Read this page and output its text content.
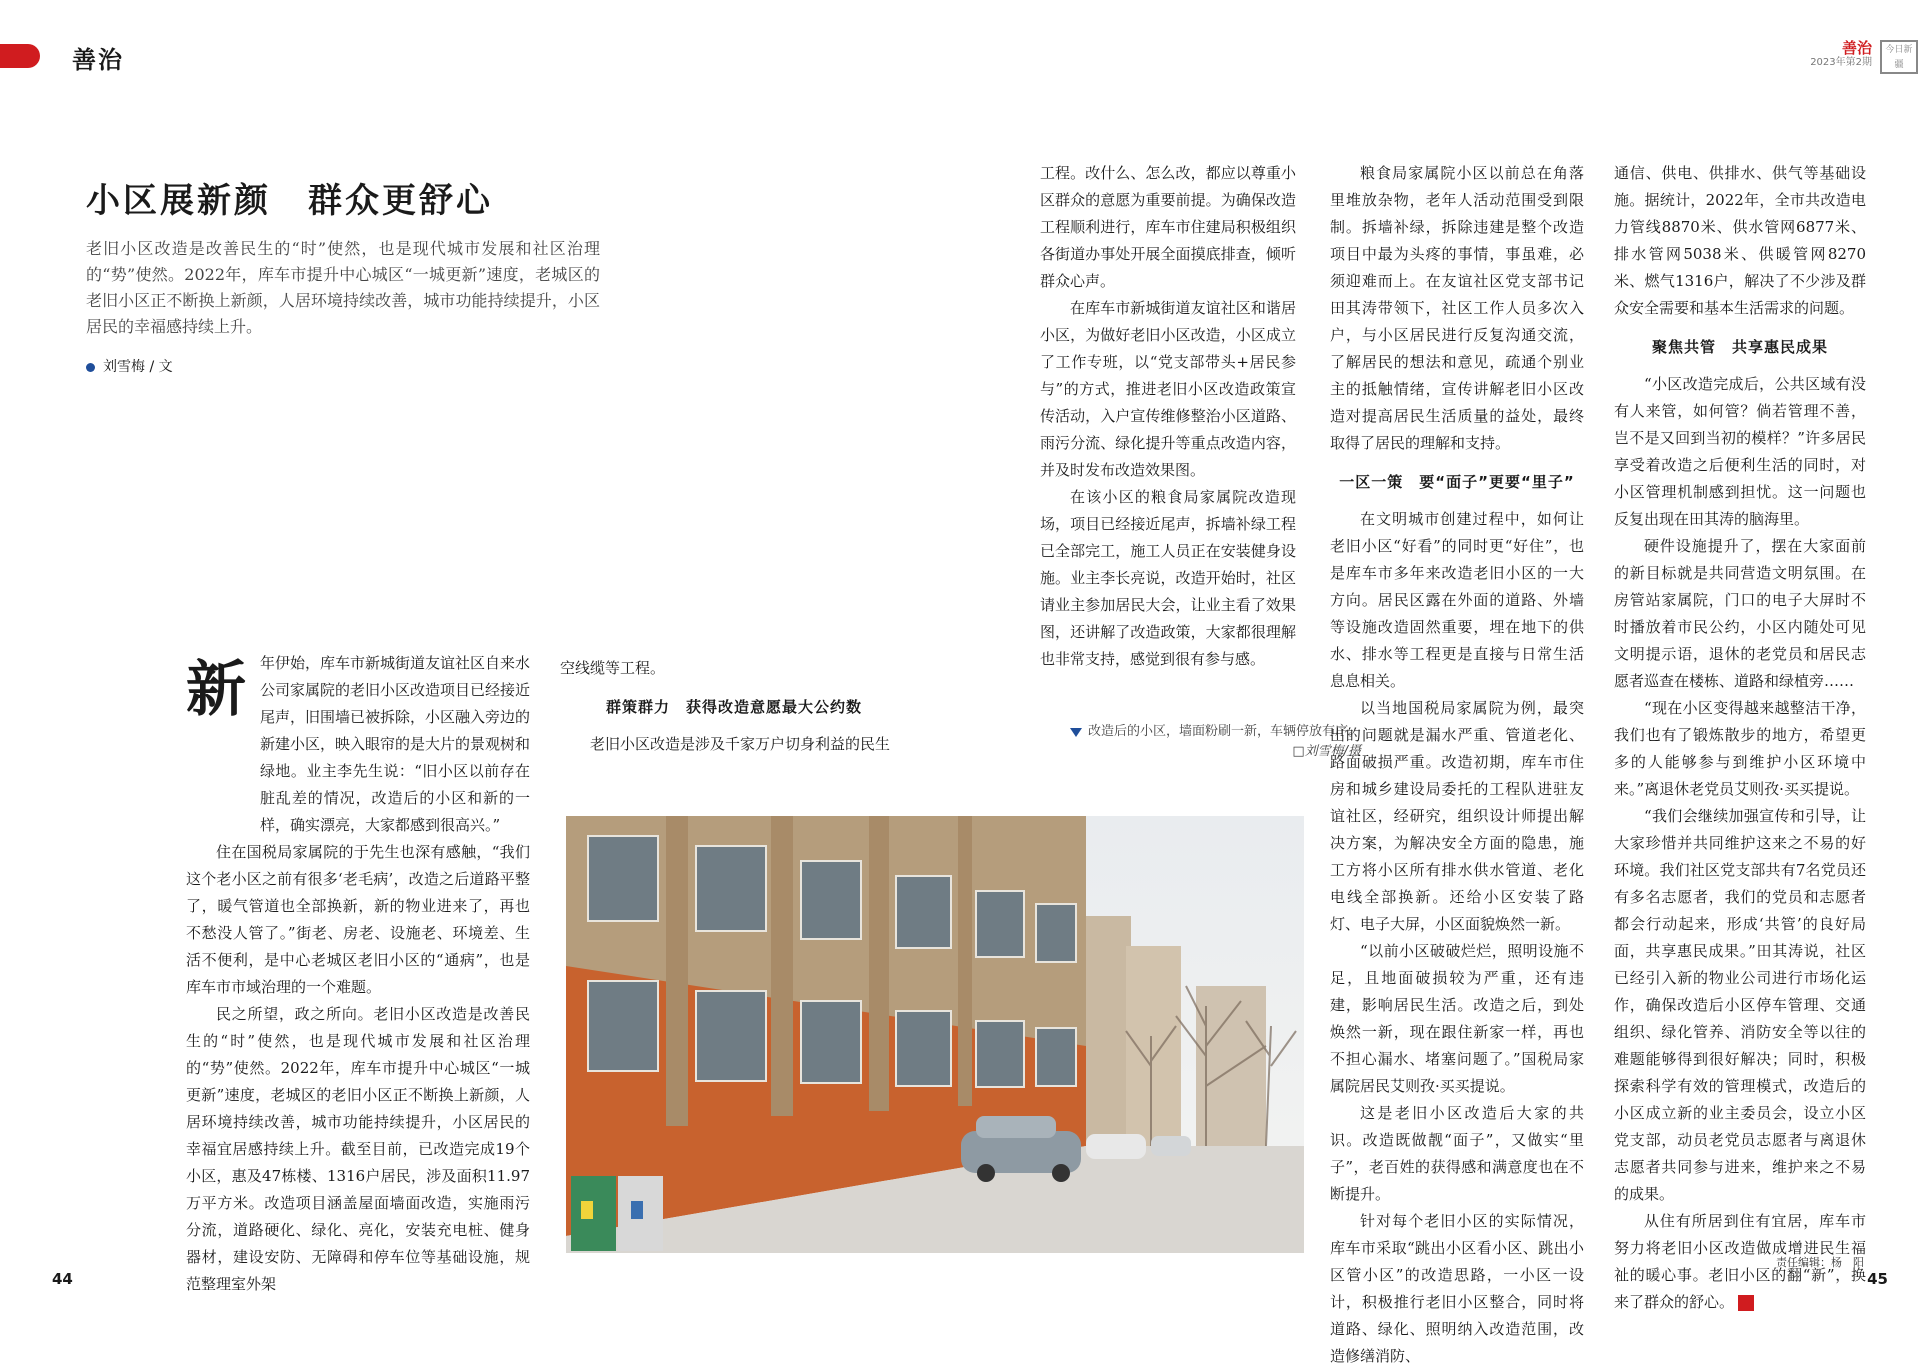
善治	善治
2023年第2期
今日新疆
小区展新颜　群众更舒心

老旧小区改造是改善民生的“时”使然，也是现代城市发展和社区治理的“势”使然。2022年，库车市提升中心城区“一城更新”速度，老城区的老旧小区正不断换上新颜，人居环境持续改善，城市功能持续提升，小区居民的幸福感持续上升。

刘雪梅 / 文
新 年伊始，库车市新城街道友谊社区自来水公司家属院的老旧小区改造项目已经接近尾声，旧围墙已被拆除，小区融入旁边的新建小区，映入眼帘的是大片的景观树和绿地。业主李先生说：“旧小区以前存在脏乱差的情况，改造后的小区和新的一样，确实漂亮，大家都感到很高兴。”

住在国税局家属院的于先生也深有感触，“我们这个老小区之前有很多‘老毛病’，改造之后道路平整了，暖气管道也全部换新，新的物业进来了，再也不愁没人管了。”街老、房老、设施老、环境差、生活不便利，是中心老城区老旧小区的“通病”，也是库车市市域治理的一个难题。

民之所望，政之所向。老旧小区改造是改善民生的“时”使然，也是现代城市发展和社区治理的“势”使然。2022年，库车市提升中心城区“一城更新”速度，老城区的老旧小区正不断换上新颜，人居环境持续改善，城市功能持续提升，小区居民的幸福宜居感持续上升。截至目前，已改造完成19个小区，惠及47栋楼、1316户居民，涉及面积11.97万平方米。改造项目涵盖屋面墙面改造，实施雨污分流，道路硬化、绿化、亮化，安装充电桩、健身器材，建设安防、无障碍和停车位等基础设施，规范整理室外架

空线缆等工程。

群策群力　获得改造意愿最大公约数

老旧小区改造是涉及千家万户切身利益的民生

工程。改什么、怎么改，都应以尊重小区群众的意愿为重要前提。为确保改造工程顺利进行，库车市住建局积极组织各街道办事处开展全面摸底排查，倾听群众心声。

在库车市新城街道友谊社区和谐居小区，为做好老旧小区改造，小区成立了工作专班，以“党支部带头+居民参与”的方式，推进老旧小区改造政策宣传活动，入户宣传维修整治小区道路、雨污分流、绿化提升等重点改造内容，并及时发布改造效果图。

在该小区的粮食局家属院改造现场，项目已经接近尾声，拆墙补绿工程已全部完工，施工人员正在安装健身设施。业主李长亮说，改造开始时，社区请业主参加居民大会，让业主看了效果图，还讲解了改造政策，大家都很理解也非常支持，感觉到很有参与感。

改造后的小区，墙面粉刷一新，车辆停放有序。
□刘雪梅/摄

粮食局家属院小区以前总在角落里堆放杂物，老年人活动范围受到限制。拆墙补绿，拆除违建是整个改造项目中最为头疼的事情，事虽难，必须迎难而上。在友谊社区党支部书记田其涛带领下，社区工作人员多次入户，与小区居民进行反复沟通交流，了解居民的想法和意见，疏通个别业主的抵触情绪，宣传讲解老旧小区改造对提高居民生活质量的益处，最终取得了居民的理解和支持。

一区一策　要“面子”更要“里子”

在文明城市创建过程中，如何让老旧小区“好看”的同时更“好住”，也是库车市多年来改造老旧小区的一大方向。居民区露在外面的道路、外墙等设施改造固然重要，埋在地下的供水、排水等工程更是直接与日常生活息息相关。

以当地国税局家属院为例，最突出的问题就是漏水严重、管道老化、路面破损严重。改造初期，库车市住房和城乡建设局委托的工程队进驻友谊社区，经研究，组织设计师提出解决方案，为解决安全方面的隐患，施工方将小区所有排水供水管道、老化电线全部换新。还给小区安装了路灯、电子大屏，小区面貌焕然一新。

“以前小区破破烂烂，照明设施不足，且地面破损较为严重，还有违建，影响居民生活。改造之后，到处焕然一新，现在跟住新家一样，再也不担心漏水、堵塞问题了。”国税局家属院居民艾则孜·买买提说。

这是老旧小区改造后大家的共识。改造既做靓“面子”，又做实“里子”，老百姓的获得感和满意度也在不断提升。

针对每个老旧小区的实际情况，库车市采取“跳出小区看小区、跳出小区管小区”的改造思路，一小区一设计，积极推行老旧小区整合，同时将道路、绿化、照明纳入改造范围，改造修缮消防、

通信、供电、供排水、供气等基础设施。据统计，2022年，全市共改造电力管线8870米、供水管网6877米、排水管网5038米、供暖管网8270米、燃气1316户，解决了不少涉及群众安全需要和基本生活需求的问题。

聚焦共管　共享惠民成果

“小区改造完成后，公共区域有没有人来管，如何管？倘若管理不善，岂不是又回到当初的模样？”许多居民享受着改造之后便利生活的同时，对小区管理机制感到担忧。这一问题也反复出现在田其涛的脑海里。

硬件设施提升了，摆在大家面前的新目标就是共同营造文明氛围。在房管站家属院，门口的电子大屏时不时播放着市民公约，小区内随处可见文明提示语，退休的老党员和居民志愿者巡查在楼栋、道路和绿植旁……

“现在小区变得越来越整洁干净，我们也有了锻炼散步的地方，希望更多的人能够参与到维护小区环境中来。”离退休老党员艾则孜·买买提说。

“我们会继续加强宣传和引导，让大家珍惜并共同维护这来之不易的好环境。我们社区党支部共有7名党员还有多名志愿者，我们的党员和志愿者都会行动起来，形成‘共管’的良好局面，共享惠民成果。”田其涛说，社区已经引入新的物业公司进行市场化运作，确保改造后小区停车管理、交通组织、绿化管养、消防安全等以往的难题能够得到很好解决；同时，积极探索科学有效的管理模式，改造后的小区成立新的业主委员会，设立小区党支部，动员老党员志愿者与离退休志愿者共同参与进来，维护来之不易的成果。

从住有所居到住有宜居，库车市努力将老旧小区改造做成增进民生福祉的暖心事。老旧小区的翻“新”，换来了群众的舒心。	J

44	45
责任编辑：杨　阳
